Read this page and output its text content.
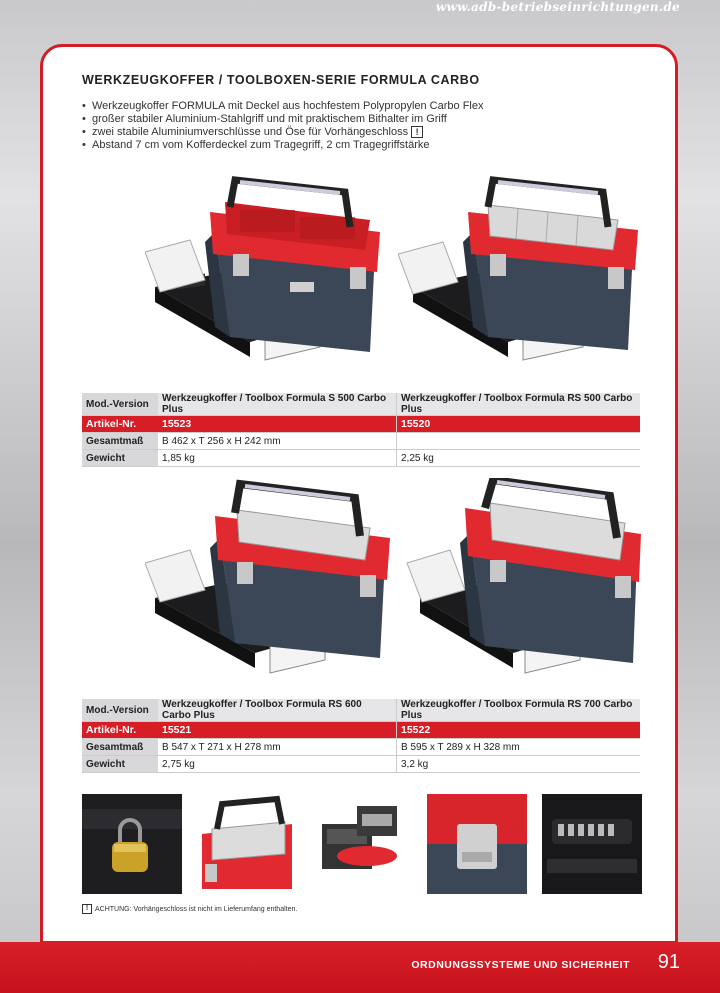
www.adb-betriebseinrichtungen.de
WERKZEUGKOFFER / TOOLBOXEN-SERIE FORMULA CARBO
• Werkzeugkoffer FORMULA mit Deckel aus hochfestem Polypropylen Carbo Flex
• großer stabiler Aluminium-Stahlgriff und mit praktischem Bithalter im Griff
• zwei stabile Aluminiumverschlüsse und Öse für Vorhängeschloss !
• Abstand 7 cm vom Kofferdeckel zum Tragegriff, 2 cm Tragegriffstärke
Mod.-Version	Werkzeugkoffer / Toolbox Formula S 500 Carbo Plus	Werkzeugkoffer / Toolbox Formula RS 500 Carbo Plus
Artikel-Nr.	15523	15520
Gesamtmaß	B 462 x T 256 x H 242 mm	
Gewicht	1,85 kg	2,25 kg
Mod.-Version	Werkzeugkoffer / Toolbox Formula RS 600 Carbo Plus	Werkzeugkoffer / Toolbox Formula RS 700 Carbo Plus
Artikel-Nr.	15521	15522
Gesamtmaß	B 547 x T 271 x H 278 mm	B 595 x T 289 x H 328 mm
Gewicht	2,75 kg	3,2 kg
! ACHTUNG: Vorhängeschloss ist nicht im Lieferumfang enthalten.
ORDNUNGSSYSTEME UND SICHERHEIT 91
